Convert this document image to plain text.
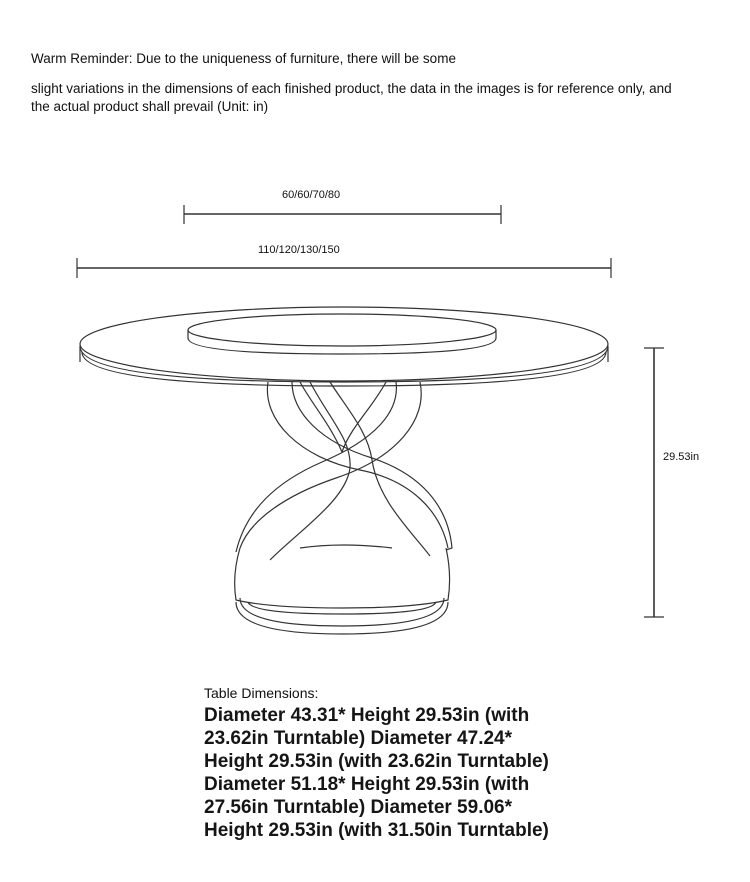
Warm Reminder: Due to the uniqueness of furniture, there will be some
slight variations in the dimensions of each finished product, the data in the images is for reference only, and
the actual product shall prevail (Unit: in)
60/60/70/80
110/120/130/150
29.53in
Table Dimensions:
Diameter 43.31* Height 29.53in (with 23.62in Turntable) Diameter 47.24* Height 29.53in (with 23.62in Turntable) Diameter 51.18* Height 29.53in (with 27.56in Turntable) Diameter 59.06* Height 29.53in (with 31.50in Turntable)
